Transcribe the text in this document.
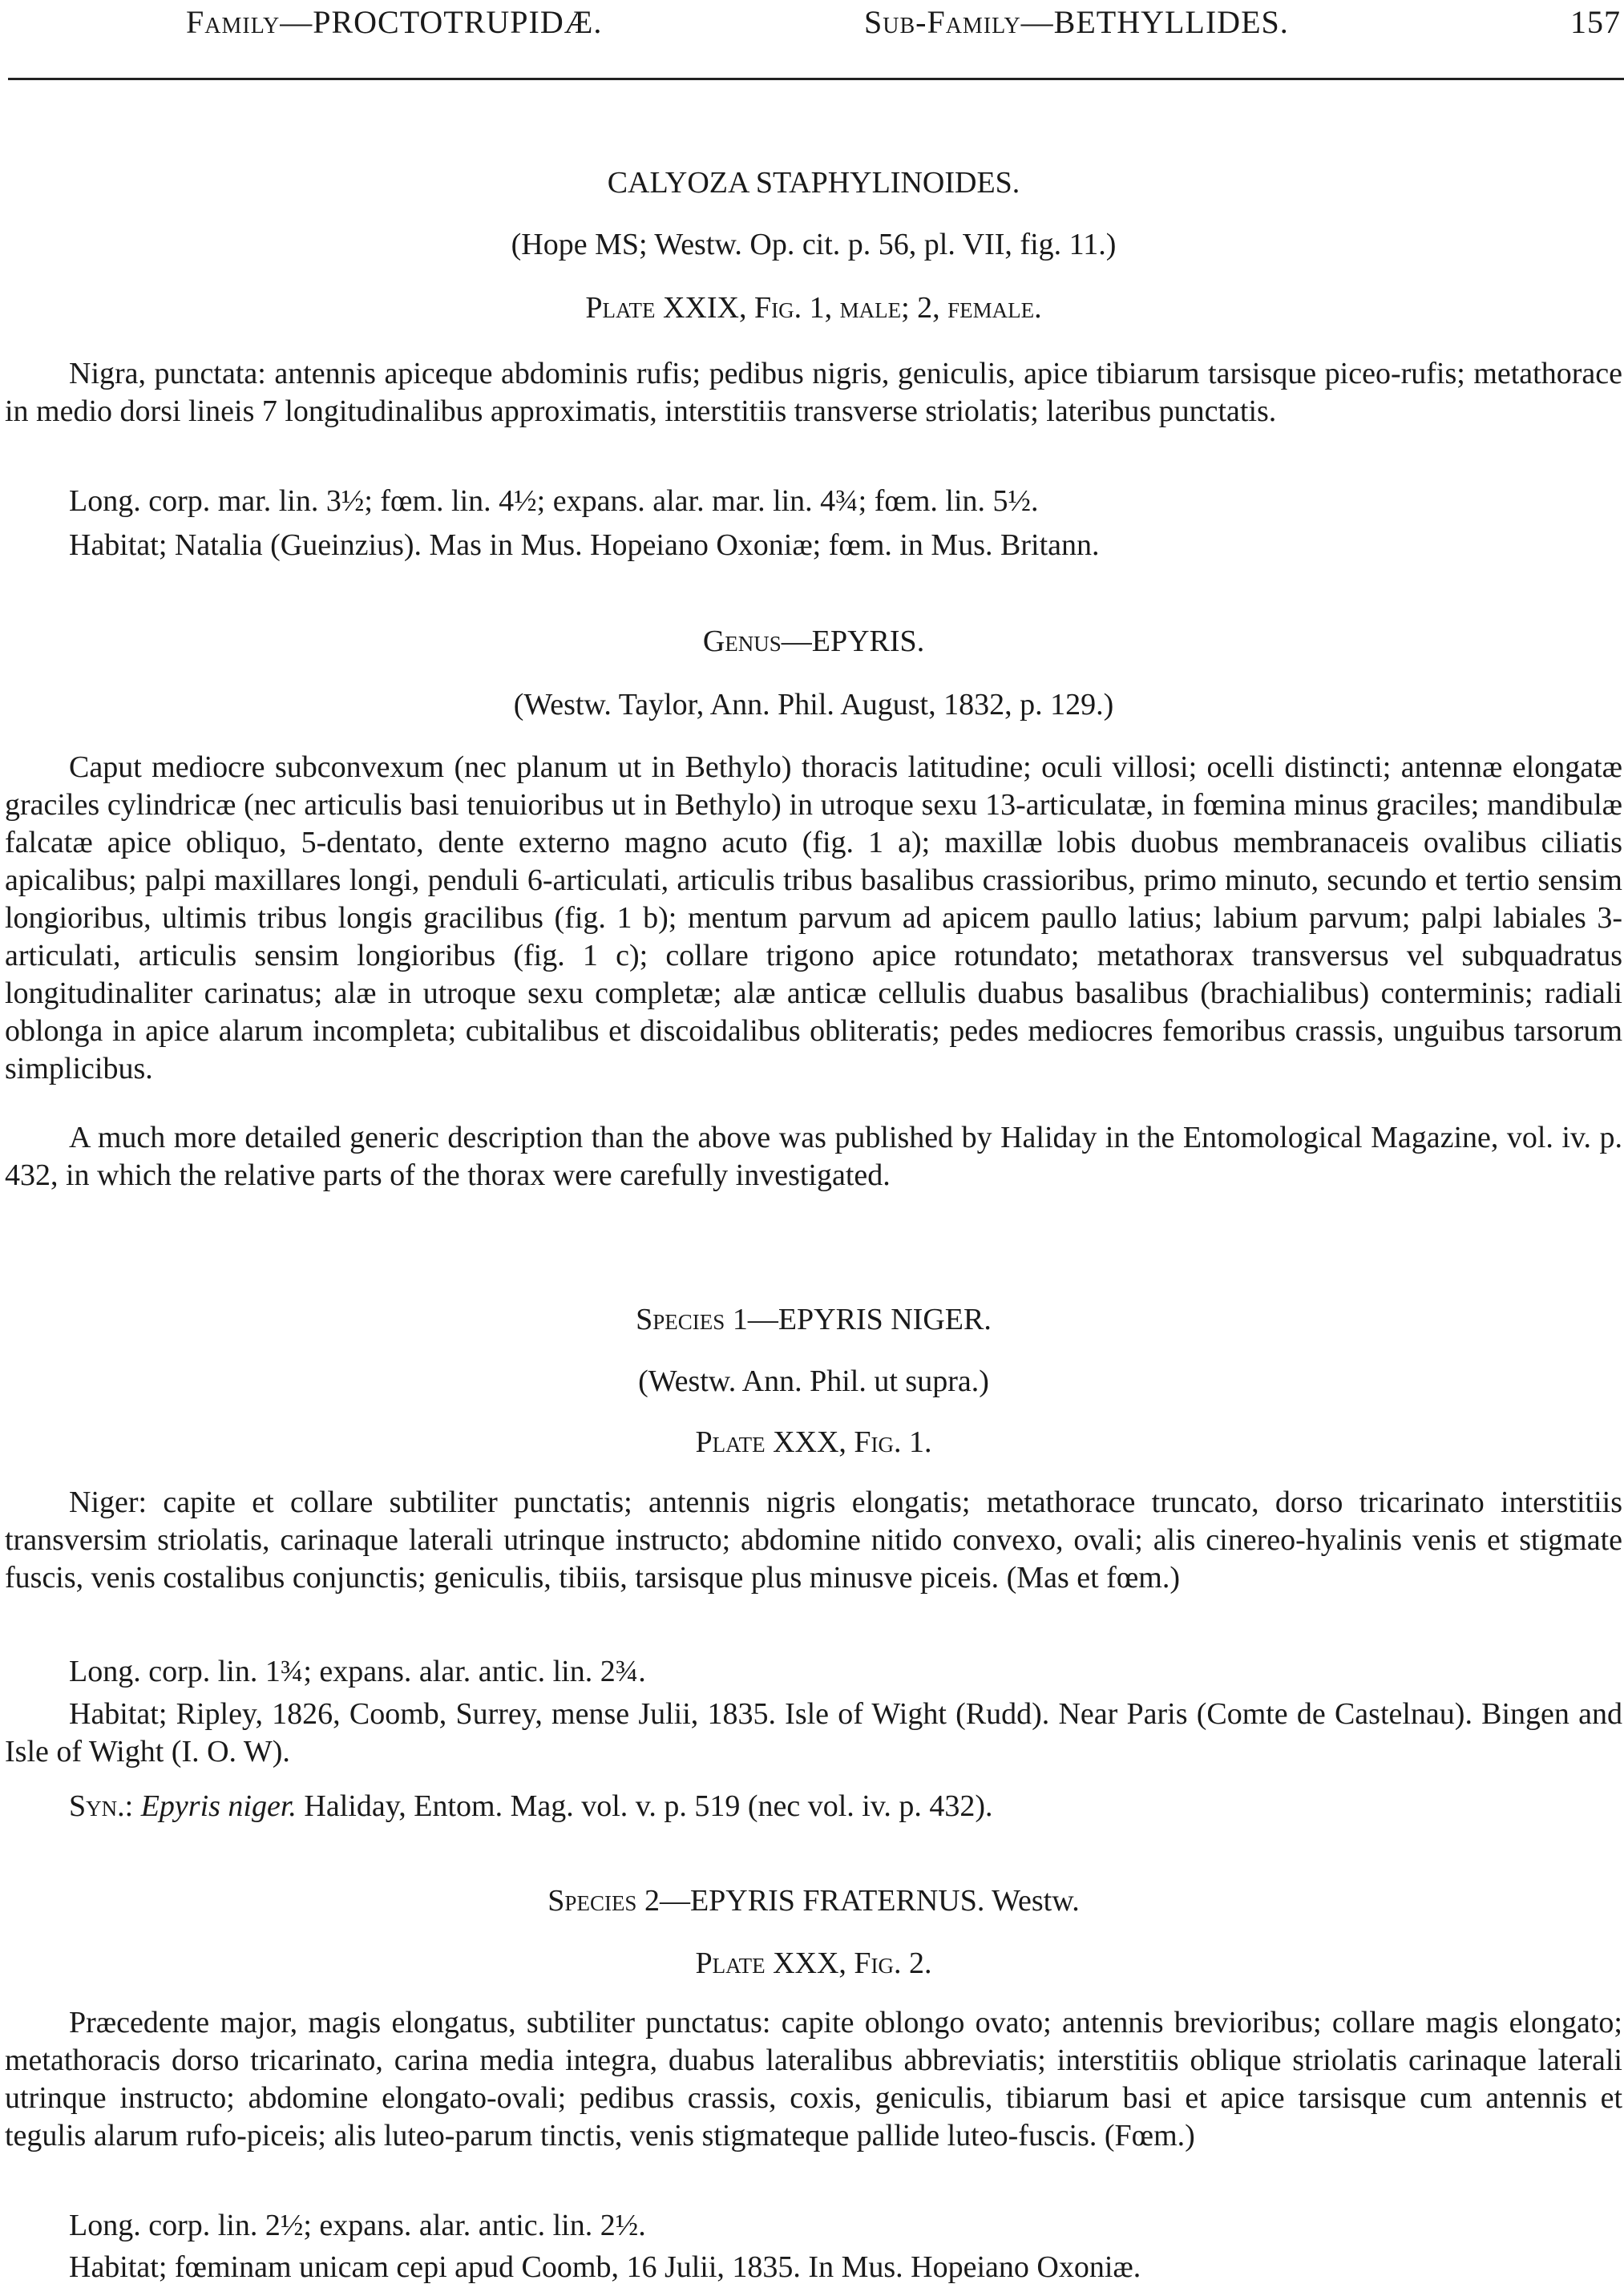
Family—PROCTOTRUPIDÆ.	Sub-Family—BETHYLLIDES.	157
CALYOZA STAPHYLINOIDES.
(Hope MS; Westw. Op. cit. p. 56, pl. VII, fig. 11.)
Plate XXIX, Fig. 1, male; 2, female.

Nigra, punctata: antennis apiceque abdominis rufis; pedibus nigris, geniculis, apice tibiarum tarsisque piceo-rufis; metathorace in medio dorsi lineis 7 longitudinalibus approximatis, interstitiis transverse striolatis; lateribus punctatis.

Long. corp. mar. lin. 3½; fœm. lin. 4½; expans. alar. mar. lin. 4¾; fœm. lin. 5½.

Habitat; Natalia (Gueinzius). Mas in Mus. Hopeiano Oxoniæ; fœm. in Mus. Britann.

Genus—EPYRIS.
(Westw. Taylor, Ann. Phil. August, 1832, p. 129.)

Caput mediocre subconvexum (nec planum ut in Bethylo) thoracis latitudine; oculi villosi; ocelli distincti; antennæ elongatæ graciles cylindricæ (nec articulis basi tenuioribus ut in Bethylo) in utroque sexu 13-articulatæ, in fœmina minus graciles; mandibulæ falcatæ apice obliquo, 5-dentato, dente externo magno acuto (fig. 1 a); maxillæ lobis duobus membranaceis ovalibus ciliatis apicalibus; palpi maxillares longi, penduli 6-articulati, articulis tribus basalibus crassioribus, primo minuto, secundo et tertio sensim longioribus, ultimis tribus longis gracilibus (fig. 1 b); mentum parvum ad apicem paullo latius; labium parvum; palpi labiales 3-articulati, articulis sensim longioribus (fig. 1 c); collare trigono apice rotundato; metathorax transversus vel subquadratus longitudinaliter carinatus; alæ in utroque sexu completæ; alæ anticæ cellulis duabus basalibus (brachialibus) conterminis; radiali oblonga in apice alarum incompleta; cubitalibus et discoidalibus obliteratis; pedes mediocres femoribus crassis, unguibus tarsorum simplicibus.

A much more detailed generic description than the above was published by Haliday in the Entomological Magazine, vol. iv. p. 432, in which the relative parts of the thorax were carefully investigated.

Species 1—EPYRIS NIGER.
(Westw. Ann. Phil. ut supra.)
Plate XXX, Fig. 1.

Niger: capite et collare subtiliter punctatis; antennis nigris elongatis; metathorace truncato, dorso tricarinato interstitiis transversim striolatis, carinaque laterali utrinque instructo; abdomine nitido convexo, ovali; alis cinereo-hyalinis venis et stigmate fuscis, venis costalibus conjunctis; geniculis, tibiis, tarsisque plus minusve piceis. (Mas et fœm.)

Long. corp. lin. 1¾; expans. alar. antic. lin. 2¾.

Habitat; Ripley, 1826, Coomb, Surrey, mense Julii, 1835. Isle of Wight (Rudd). Near Paris (Comte de Castelnau). Bingen and Isle of Wight (I. O. W).

Syn.: Epyris niger. Haliday, Entom. Mag. vol. v. p. 519 (nec vol. iv. p. 432).

Species 2—EPYRIS FRATERNUS. Westw.
Plate XXX, Fig. 2.

Præcedente major, magis elongatus, subtiliter punctatus: capite oblongo ovato; antennis brevioribus; collare magis elongato; metathoracis dorso tricarinato, carina media integra, duabus lateralibus abbreviatis; interstitiis oblique striolatis carinaque laterali utrinque instructo; abdomine elongato-ovali; pedibus crassis, coxis, geniculis, tibiarum basi et apice tarsisque cum antennis et tegulis alarum rufo-piceis; alis luteo-parum tinctis, venis stigmateque pallide luteo-fuscis. (Fœm.)

Long. corp. lin. 2½; expans. alar. antic. lin. 2½.

Habitat; fœminam unicam cepi apud Coomb, 16 Julii, 1835. In Mus. Hopeiano Oxoniæ.
